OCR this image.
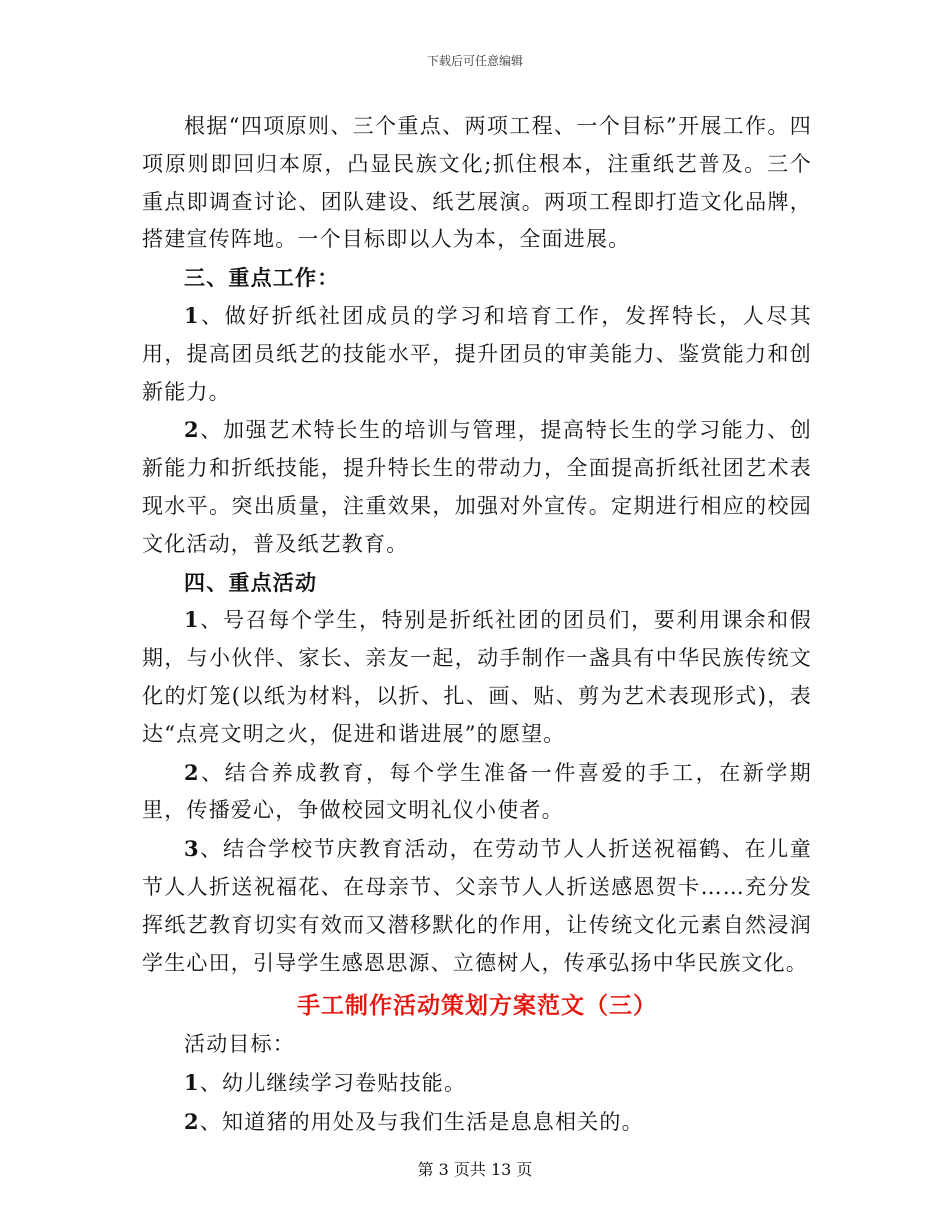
下载后可任意编辑

根据“四项原则、三个重点、两项工程、一个目标”开展工作。四项原则即回归本原，凸显民族文化;抓住根本，注重纸艺普及。三个重点即调查讨论、团队建设、纸艺展演。两项工程即打造文化品牌，搭建宣传阵地。一个目标即以人为本，全面进展。

三、重点工作：

1、做好折纸社团成员的学习和培育工作，发挥特长，人尽其用，提高团员纸艺的技能水平，提升团员的审美能力、鉴赏能力和创新能力。

2、加强艺术特长生的培训与管理，提高特长生的学习能力、创新能力和折纸技能，提升特长生的带动力，全面提高折纸社团艺术表现水平。突出质量，注重效果，加强对外宣传。定期进行相应的校园文化活动，普及纸艺教育。

四、重点活动

1、号召每个学生，特别是折纸社团的团员们，要利用课余和假期，与小伙伴、家长、亲友一起，动手制作一盏具有中华民族传统文化的灯笼(以纸为材料，以折、扎、画、贴、剪为艺术表现形式)，表达“点亮文明之火，促进和谐进展”的愿望。

2、结合养成教育，每个学生准备一件喜爱的手工，在新学期里，传播爱心，争做校园文明礼仪小使者。

3、结合学校节庆教育活动，在劳动节人人折送祝福鹤、在儿童节人人折送祝福花、在母亲节、父亲节人人折送感恩贺卡……充分发挥纸艺教育切实有效而又潜移默化的作用，让传统文化元素自然浸润学生心田，引导学生感恩思源、立德树人，传承弘扬中华民族文化。

手工制作活动策划方案范文（三）

活动目标：

1、幼儿继续学习卷贴技能。

2、知道猪的用处及与我们生活是息息相关的。

第 3 页共 13 页
